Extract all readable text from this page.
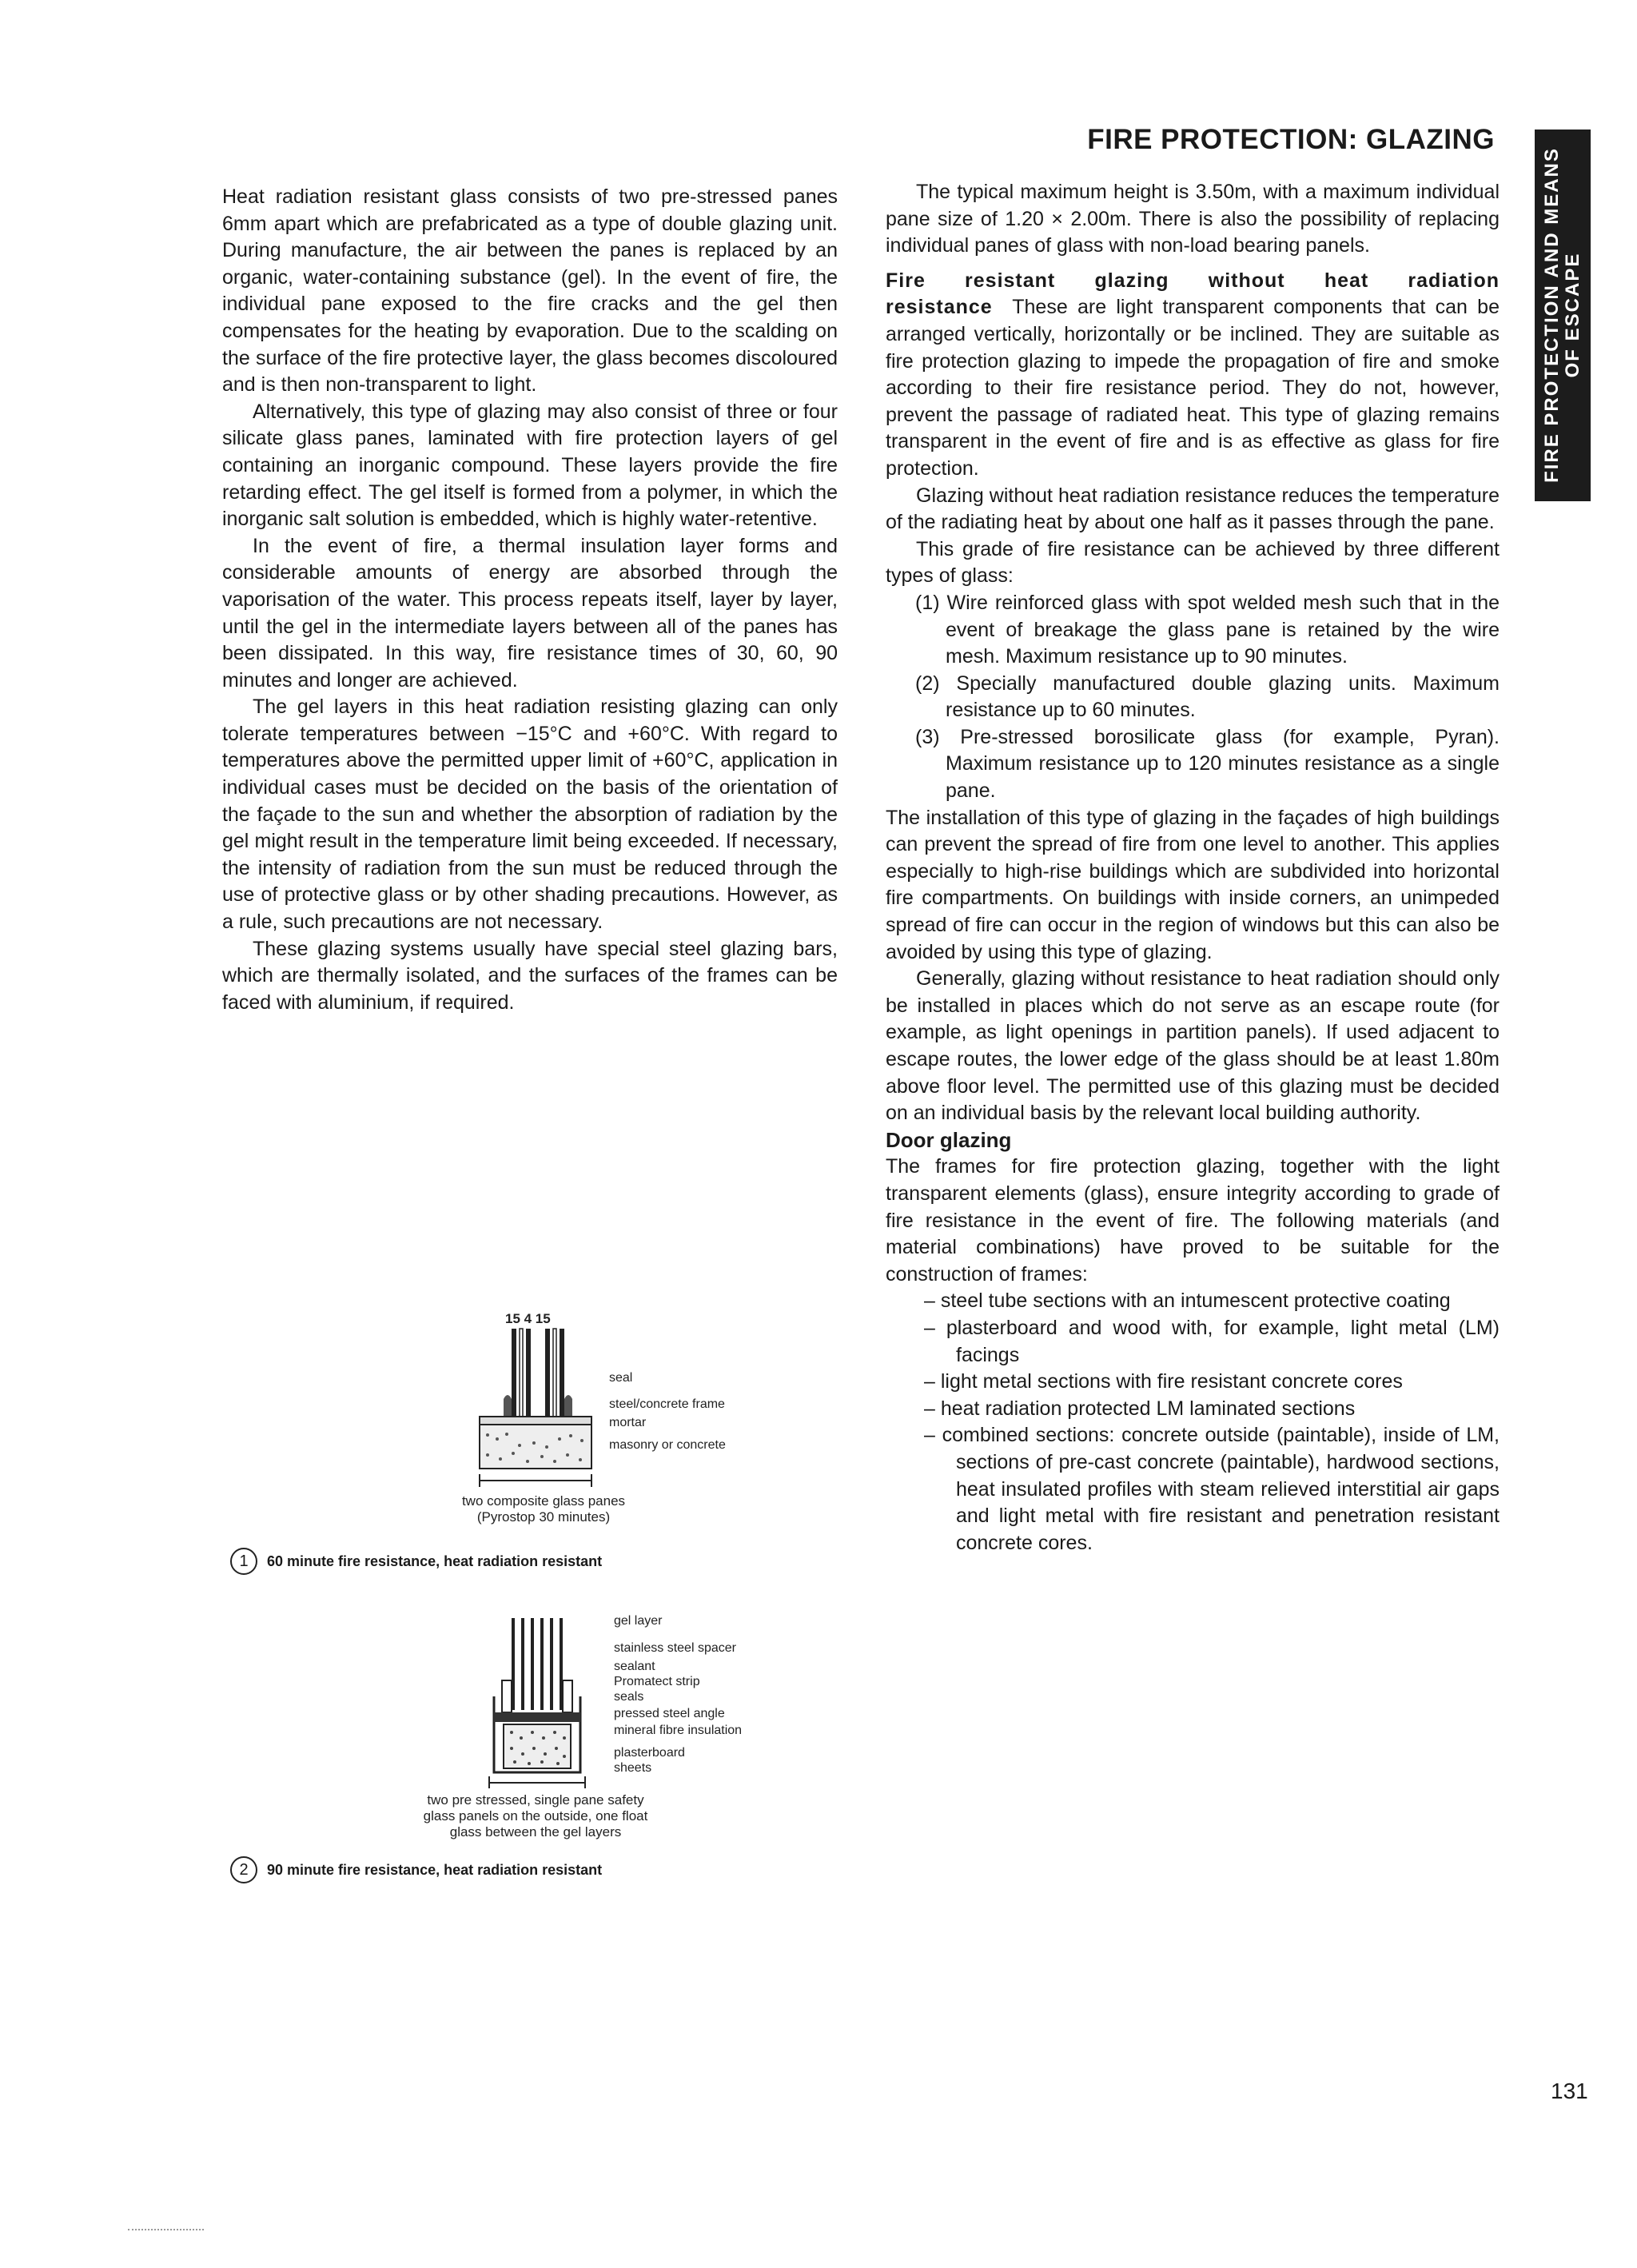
FIRE PROTECTION: GLAZING
FIRE PROTECTION AND MEANS OF ESCAPE

Heat radiation resistant glass consists of two pre-stressed panes 6mm apart which are prefabricated as a type of double glazing unit. During manufacture, the air between the panes is replaced by an organic, water-containing substance (gel). In the event of fire, the individual pane exposed to the fire cracks and the gel then compensates for the heating by evaporation. Due to the scalding on the surface of the fire protective layer, the glass becomes discoloured and is then non-transparent to light.

Alternatively, this type of glazing may also consist of three or four silicate glass panes, laminated with fire protection layers of gel containing an inorganic compound. These layers provide the fire retarding effect. The gel itself is formed from a polymer, in which the inorganic salt solution is embedded, which is highly water-retentive.

In the event of fire, a thermal insulation layer forms and considerable amounts of energy are absorbed through the vaporisation of the water. This process repeats itself, layer by layer, until the gel in the intermediate layers between all of the panes has been dissipated. In this way, fire resistance times of 30, 60, 90 minutes and longer are achieved.

The gel layers in this heat radiation resisting glazing can only tolerate temperatures between −15°C and +60°C. With regard to temperatures above the permitted upper limit of +60°C, application in individual cases must be decided on the basis of the orientation of the façade to the sun and whether the absorption of radiation by the gel might result in the temperature limit being exceeded. If necessary, the intensity of radiation from the sun must be reduced through the use of protective glass or by other shading precautions. However, as a rule, such precautions are not necessary.

These glazing systems usually have special steel glazing bars, which are thermally isolated, and the surfaces of the frames can be faced with aluminium, if required.

15 4 15
seal
steel/concrete frame
mortar
masonry or concrete
two composite glass panes
(Pyrostop 30 minutes)
1	60 minute fire resistance, heat radiation resistant
gel layer
stainless steel spacer
sealant
Promatect strip
seals
pressed steel angle
mineral fibre insulation
plasterboard
sheets
two pre stressed, single pane safety
glass panels on the outside, one float
glass between the gel layers
2	90 minute fire resistance, heat radiation resistant

The typical maximum height is 3.50m, with a maximum individual pane size of 1.20 × 2.00m. There is also the possibility of replacing individual panes of glass with non-load bearing panels.

Fire resistant glazing without heat radiation resistance These are light transparent components that can be arranged vertically, horizontally or be inclined. They are suitable as fire protection glazing to impede the propagation of fire and smoke according to their fire resistance period. They do not, however, prevent the passage of radiated heat. This type of glazing remains transparent in the event of fire and is as effective as glass for fire protection.

Glazing without heat radiation resistance reduces the temperature of the radiating heat by about one half as it passes through the pane.

This grade of fire resistance can be achieved by three different types of glass:

(1) Wire reinforced glass with spot welded mesh such that in the event of breakage the glass pane is retained by the wire mesh. Maximum resistance up to 90 minutes.
(2) Specially manufactured double glazing units. Maximum resistance up to 60 minutes.
(3) Pre-stressed borosilicate glass (for example, Pyran). Maximum resistance up to 120 minutes resistance as a single pane.

The installation of this type of glazing in the façades of high buildings can prevent the spread of fire from one level to another. This applies especially to high-rise buildings which are subdivided into horizontal fire compartments. On buildings with inside corners, an unimpeded spread of fire can occur in the region of windows but this can also be avoided by using this type of glazing.

Generally, glazing without resistance to heat radiation should only be installed in places which do not serve as an escape route (for example, as light openings in partition panels). If used adjacent to escape routes, the lower edge of the glass should be at least 1.80m above floor level. The permitted use of this glazing must be decided on an individual basis by the relevant local building authority.

Door glazing

The frames for fire protection glazing, together with the light transparent elements (glass), ensure integrity according to grade of fire resistance in the event of fire. The following materials (and material combinations) have proved to be suitable for the construction of frames:

– steel tube sections with an intumescent protective coating
– plasterboard and wood with, for example, light metal (LM) facings
– light metal sections with fire resistant concrete cores
– heat radiation protected LM laminated sections
– combined sections: concrete outside (paintable), inside of LM, sections of pre-cast concrete (paintable), hardwood sections, heat insulated profiles with steam relieved interstitial air gaps and light metal with fire resistant and penetration resistant concrete cores.
131
